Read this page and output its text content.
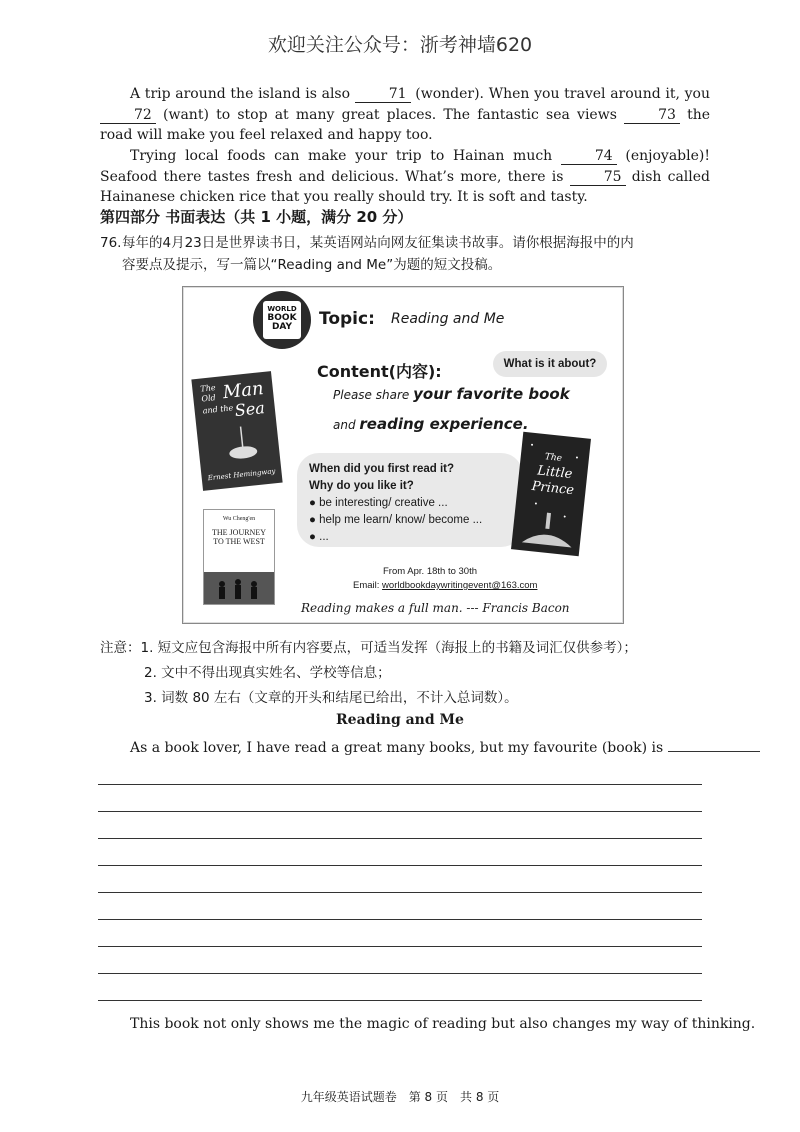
欢迎关注公众号：浙考神墙620

A trip around the island is also	71 (wonder). When you travel around it, you 72 (want) to stop at many great places. The fantastic sea views	73 the road will make you feel relaxed and happy too.

Trying local foods can make your trip to Hainan much	74 (enjoyable)! Seafood there tastes fresh and delicious. What’s more, there is	75 dish called Hainanese chicken rice that you really should try. It is soft and tasty.

第四部分 书面表达（共 1 小题，满分 20 分）
76.每年的4月23日是世界读书日，某英语网站向网友征集读书故事。请你根据海报中的内
容要点及提示，写一篇以“Reading and Me”为题的短文投稿。
WORLD
BOOK
DAY	Topic: Reading and Me
Content(内容):	What is it about?
Please share your favorite book
and reading experience.
When did you first read it?
Why do you like it?
● be interesting/ creative ...
● help me learn/ know/ become ...
● ...
From Apr. 18th to 30th
Email: worldbookdaywritingevent@163.com
Reading makes a full man. --- Francis Bacon
The
Old Man
and the Sea
Ernest Hemingway
Wu Cheng'en
THE JOURNEY
TO THE WEST
The
Little
Prince
注意：1. 短文应包含海报中所有内容要点，可适当发挥（海报上的书籍及词汇仅供参考）；
2. 文中不得出现真实姓名、学校等信息；
3. 词数 80 左右（文章的开头和结尾已给出，不计入总词数）。
Reading and Me
As a book lover, I have read a great many books, but my favourite (book) is
This book not only shows me the magic of reading but also changes my way of thinking.
九年级英语试题卷　第 8 页　共 8 页
